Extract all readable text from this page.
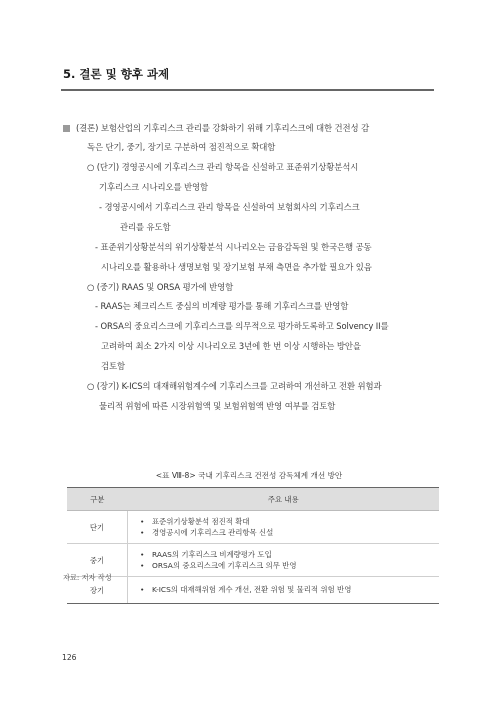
5. 결론 및 향후 과제
(결론) 보험산업의 기후리스크 관리를 강화하기 위해 기후리스크에 대한 건전성 감
독은 단기, 중기, 장기로 구분하여 점진적으로 확대함
○ (단기) 경영공시에 기후리스크 관리 항목을 신설하고 표준위기상황분석시
기후리스크 시나리오를 반영함
- 경영공시에서 기후리스크 관리 항목을 신설하여 보험회사의 기후리스크
관리를 유도함
- 표준위기상황분석의 위기상황분석 시나리오는 금융감독원 및 한국은행 공동
시나리오를 활용하나 생명보험 및 장기보험 부채 측면을 추가할 필요가 있음
○ (중기) RAAS 및 ORSA 평가에 반영함
- RAAS는 체크리스트 중심의 비계량 평가를 통해 기후리스크를 반영함
- ORSA의 중요리스크에 기후리스크를 의무적으로 평가하도록하고 Solvency II를
고려하여 최소 2가지 이상 시나리오로 3년에 한 번 이상 시행하는 방안을
검토함
○ (장기) K-ICS의 대재해위험계수에 기후리스크를 고려하여 개선하고 전환 위험과
물리적 위험에 따른 시장위험액 및 보험위험액 반영 여부를 검토함
<표 Ⅷ-8> 국내 기후리스크 건전성 감독체계 개선 방안
구분	주요 내용
단기	• 표준위기상황분석 점진적 확대
• 경영공시에 기후리스크 관리항목 신설

중기	• RAAS의 기후리스크 비계량평가 도입
• ORSA의 중요리스크에 기후리스크 의무 반영

장기	• K-ICS의 대재해위험 계수 개선, 전환 위험 및 물리적 위험 반영
자료: 저자 작성
126
